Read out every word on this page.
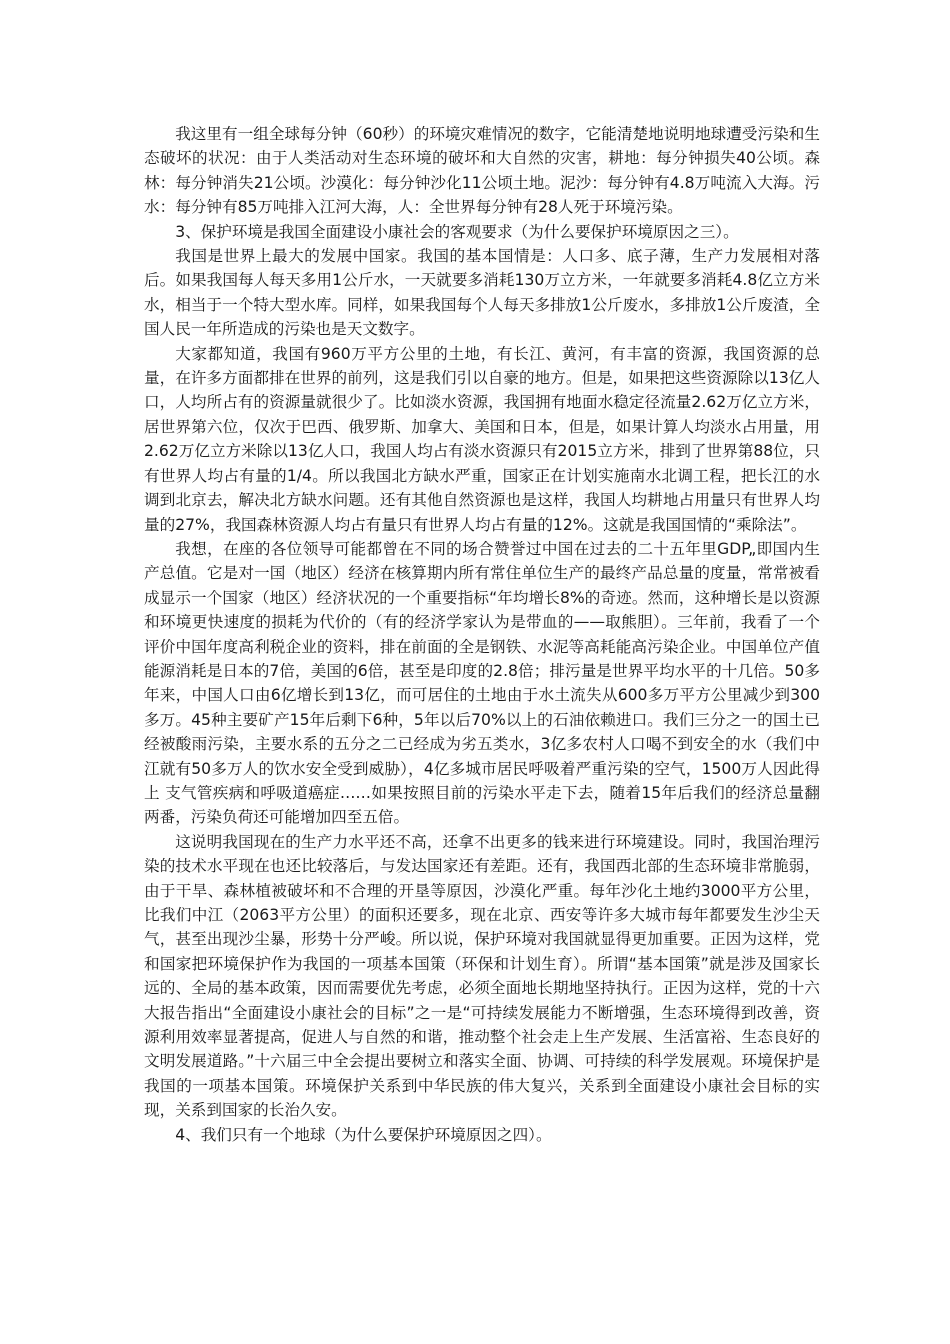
我这里有一组全球每分钟（60秒）的环境灾难情况的数字，它能清楚地说明地球遭受污染和生态破坏的状况：由于人类活动对生态环境的破坏和大自然的灾害，耕地：每分钟损失40公顷。森林：每分钟消失21公顷。沙漠化：每分钟沙化11公顷土地。泥沙：每分钟有4.8万吨流入大海。污水：每分钟有85万吨排入江河大海，人：全世界每分钟有28人死于环境污染。

3、保护环境是我国全面建设小康社会的客观要求（为什么要保护环境原因之三）。

我国是世界上最大的发展中国家。我国的基本国情是：人口多、底子薄，生产力发展相对落后。如果我国每人每天多用1公斤水，一天就要多消耗130万立方米，一年就要多消耗4.8亿立方米水，相当于一个特大型水库。同样，如果我国每个人每天多排放1公斤废水，多排放1公斤废渣，全国人民一年所造成的污染也是天文数字。

大家都知道，我国有960万平方公里的土地，有长江、黄河，有丰富的资源，我国资源的总量，在许多方面都排在世界的前列，这是我们引以自豪的地方。但是，如果把这些资源除以13亿人口，人均所占有的资源量就很少了。比如淡水资源，我国拥有地面水稳定径流量2.62万亿立方米，居世界第六位，仅次于巴西、俄罗斯、加拿大、美国和日本，但是，如果计算人均淡水占用量，用2.62万亿立方米除以13亿人口，我国人均占有淡水资源只有2015立方米，排到了世界第88位，只有世界人均占有量的1/4。所以我国北方缺水严重，国家正在计划实施南水北调工程，把长江的水调到北京去，解决北方缺水问题。还有其他自然资源也是这样，我国人均耕地占用量只有世界人均量的27%，我国森林资源人均占有量只有世界人均占有量的12%。这就是我国国情的“乘除法”。

我想，在座的各位领导可能都曾在不同的场合赞誉过中国在过去的二十五年里GDP„即国内生产总值。它是对一国（地区）经济在核算期内所有常住单位生产的最终产品总量的度量，常常被看成显示一个国家（地区）经济状况的一个重要指标“年均增长8%的奇迹。然而，这种增长是以资源和环境更快速度的损耗为代价的（有的经济学家认为是带血的——取熊胆）。三年前，我看了一个评价中国年度高利税企业的资料，排在前面的全是钢铁、水泥等高耗能高污染企业。中国单位产值能源消耗是日本的7倍，美国的6倍，甚至是印度的2.8倍；排污量是世界平均水平的十几倍。50多年来，中国人口由6亿增长到13亿，而可居住的土地由于水土流失从600多万平方公里减少到300多万。45种主要矿产15年后剩下6种，5年以后70%以上的石油依赖进口。我们三分之一的国土已经被酸雨污染，主要水系的五分之二已经成为劣五类水，3亿多农村人口喝不到安全的水（我们中江就有50多万人的饮水安全受到威胁），4亿多城市居民呼吸着严重污染的空气，1500万人因此得上 支气管疾病和呼吸道癌症……如果按照目前的污染水平走下去，随着15年后我们的经济总量翻两番，污染负荷还可能增加四至五倍。

这说明我国现在的生产力水平还不高，还拿不出更多的钱来进行环境建设。同时，我国治理污染的技术水平现在也还比较落后，与发达国家还有差距。还有，我国西北部的生态环境非常脆弱，由于干旱、森林植被破坏和不合理的开垦等原因，沙漠化严重。每年沙化土地约3000平方公里，比我们中江（2063平方公里）的面积还要多，现在北京、西安等许多大城市每年都要发生沙尘天气，甚至出现沙尘暴，形势十分严峻。所以说，保护环境对我国就显得更加重要。正因为这样，党和国家把环境保护作为我国的一项基本国策（环保和计划生育）。所谓“基本国策”就是涉及国家长远的、全局的基本政策，因而需要优先考虑，必须全面地长期地坚持执行。正因为这样，党的十六大报告指出“全面建设小康社会的目标”之一是“可持续发展能力不断增强，生态环境得到改善，资源利用效率显著提高，促进人与自然的和谐，推动整个社会走上生产发展、生活富裕、生态良好的文明发展道路。”十六届三中全会提出要树立和落实全面、协调、可持续的科学发展观。环境保护是我国的一项基本国策。环境保护关系到中华民族的伟大复兴，关系到全面建设小康社会目标的实现，关系到国家的长治久安。

4、我们只有一个地球（为什么要保护环境原因之四）。
